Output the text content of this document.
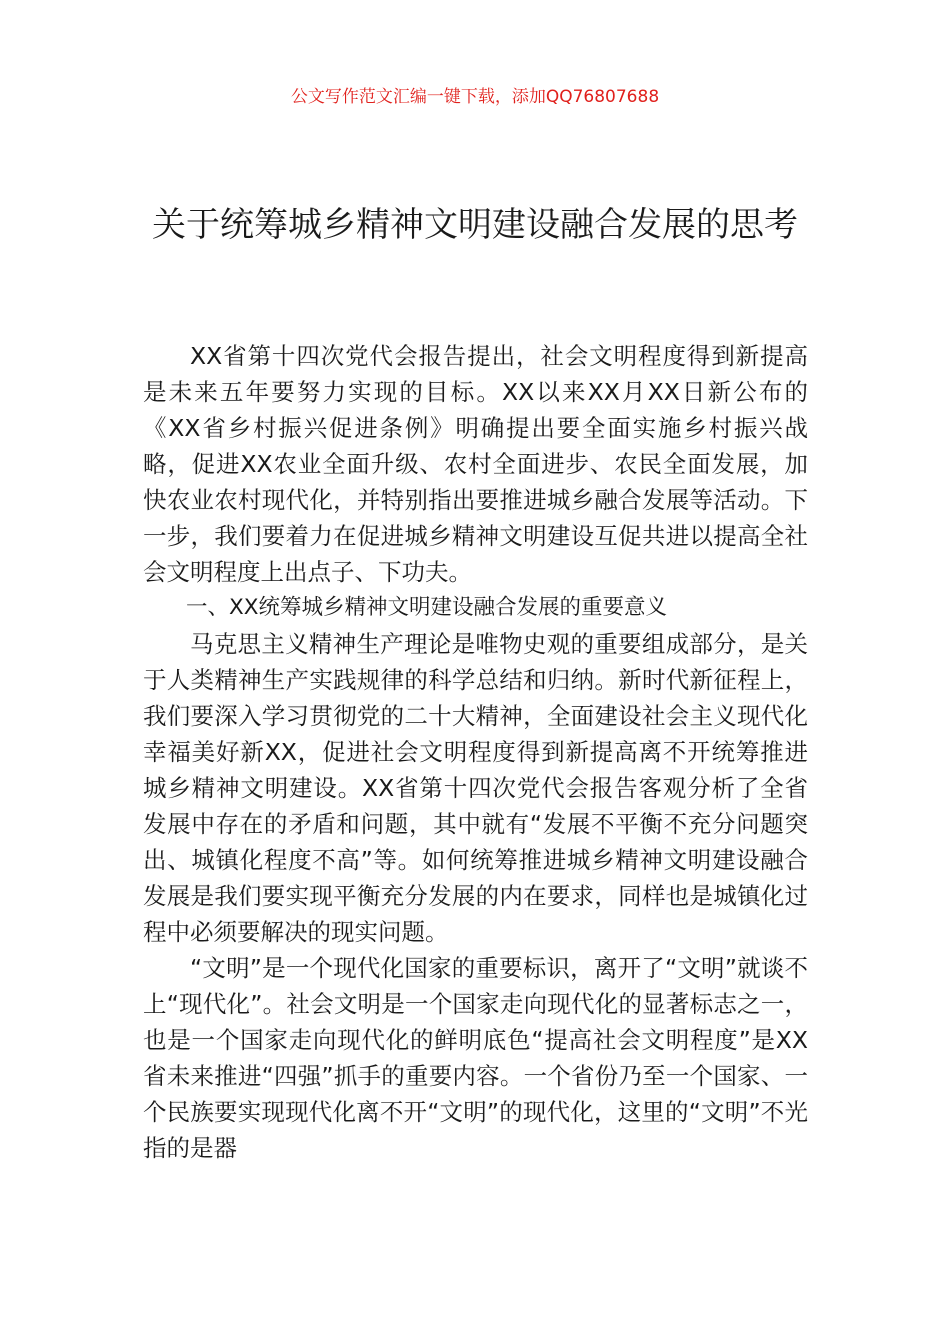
公文写作范文汇编一键下载，添加QQ76807688
关于统筹城乡精神文明建设融合发展的思考

XX省第十四次党代会报告提出，社会文明程度得到新提高是未来五年要努力实现的目标。XX以来XX月XX日新公布的《XX省乡村振兴促进条例》明确提出要全面实施乡村振兴战略，促进XX农业全面升级、农村全面进步、农民全面发展，加快农业农村现代化，并特别指出要推进城乡融合发展等活动。下一步，我们要着力在促进城乡精神文明建设互促共进以提高全社会文明程度上出点子、下功夫。

一、XX统筹城乡精神文明建设融合发展的重要意义

马克思主义精神生产理论是唯物史观的重要组成部分，是关于人类精神生产实践规律的科学总结和归纳。新时代新征程上，我们要深入学习贯彻党的二十大精神，全面建设社会主义现代化幸福美好新XX，促进社会文明程度得到新提高离不开统筹推进城乡精神文明建设。XX省第十四次党代会报告客观分析了全省发展中存在的矛盾和问题，其中就有“发展不平衡不充分问题突出、城镇化程度不高”等。如何统筹推进城乡精神文明建设融合发展是我们要实现平衡充分发展的内在要求，同样也是城镇化过程中必须要解决的现实问题。

“文明”是一个现代化国家的重要标识，离开了“文明”就谈不上“现代化”。社会文明是一个国家走向现代化的显著标志之一，也是一个国家走向现代化的鲜明底色“提高社会文明程度”是XX省未来推进“四强”抓手的重要内容。一个省份乃至一个国家、一个民族要实现现代化离不开“文明”的现代化，这里的“文明”不光指的是器
